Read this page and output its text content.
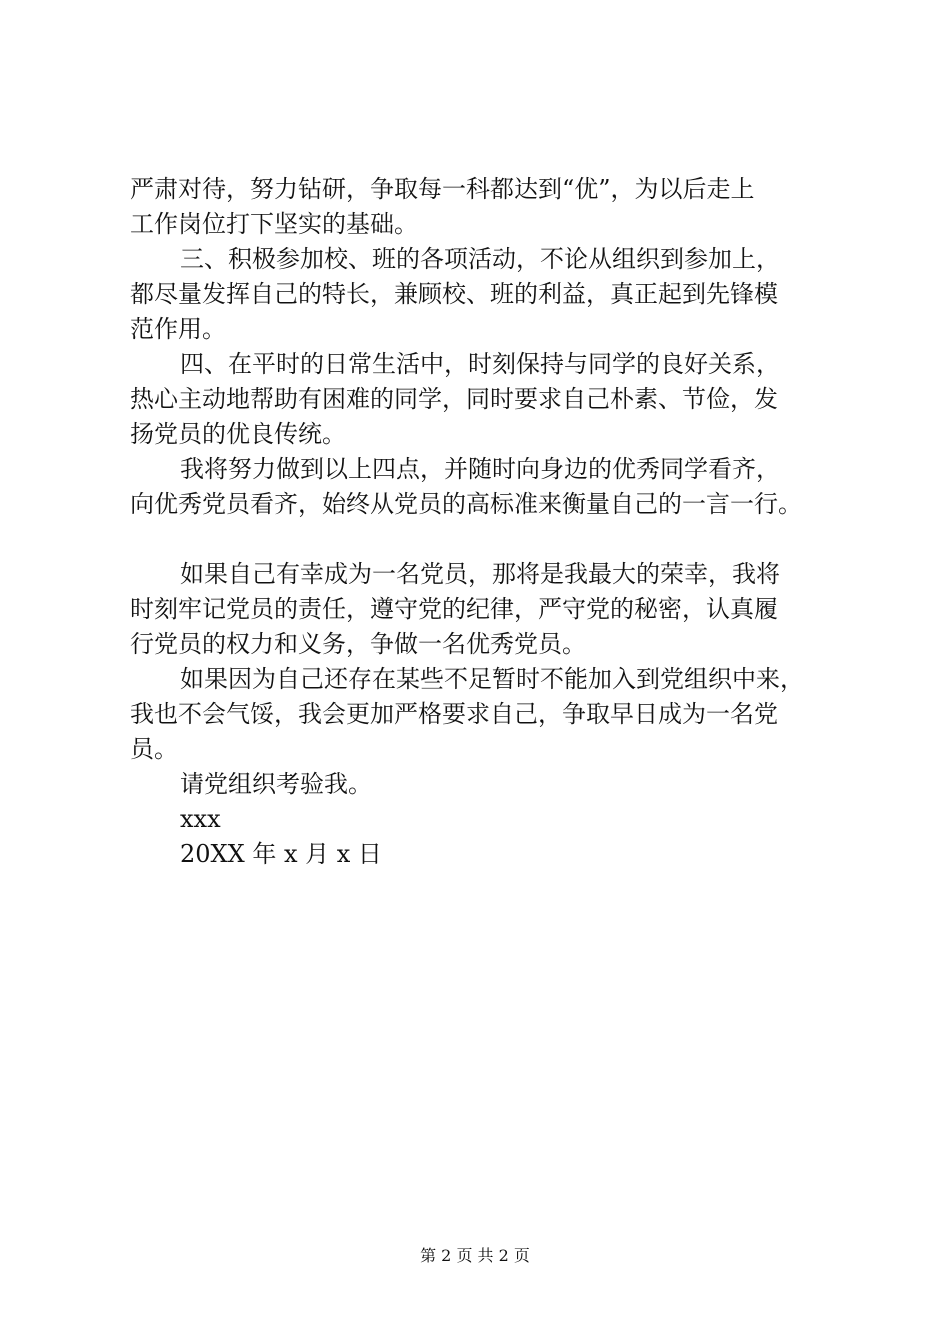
严肃对待，努力钻研，争取每一科都达到“优”，为以后走上
工作岗位打下坚实的基础。
三、积极参加校、班的各项活动，不论从组织到参加上，
都尽量发挥自己的特长，兼顾校、班的利益，真正起到先锋模
范作用。
四、在平时的日常生活中，时刻保持与同学的良好关系，
热心主动地帮助有困难的同学，同时要求自己朴素、节俭，发
扬党员的优良传统。
我将努力做到以上四点，并随时向身边的优秀同学看齐，
向优秀党员看齐，始终从党员的高标准来衡量自己的一言一行。
如果自己有幸成为一名党员，那将是我最大的荣幸，我将
时刻牢记党员的责任，遵守党的纪律，严守党的秘密，认真履
行党员的权力和义务，争做一名优秀党员。
如果因为自己还存在某些不足暂时不能加入到党组织中来，
我也不会气馁，我会更加严格要求自己，争取早日成为一名党
员。
请党组织考验我。
xxx
20XX 年 x 月 x 日
第 2 页 共 2 页
